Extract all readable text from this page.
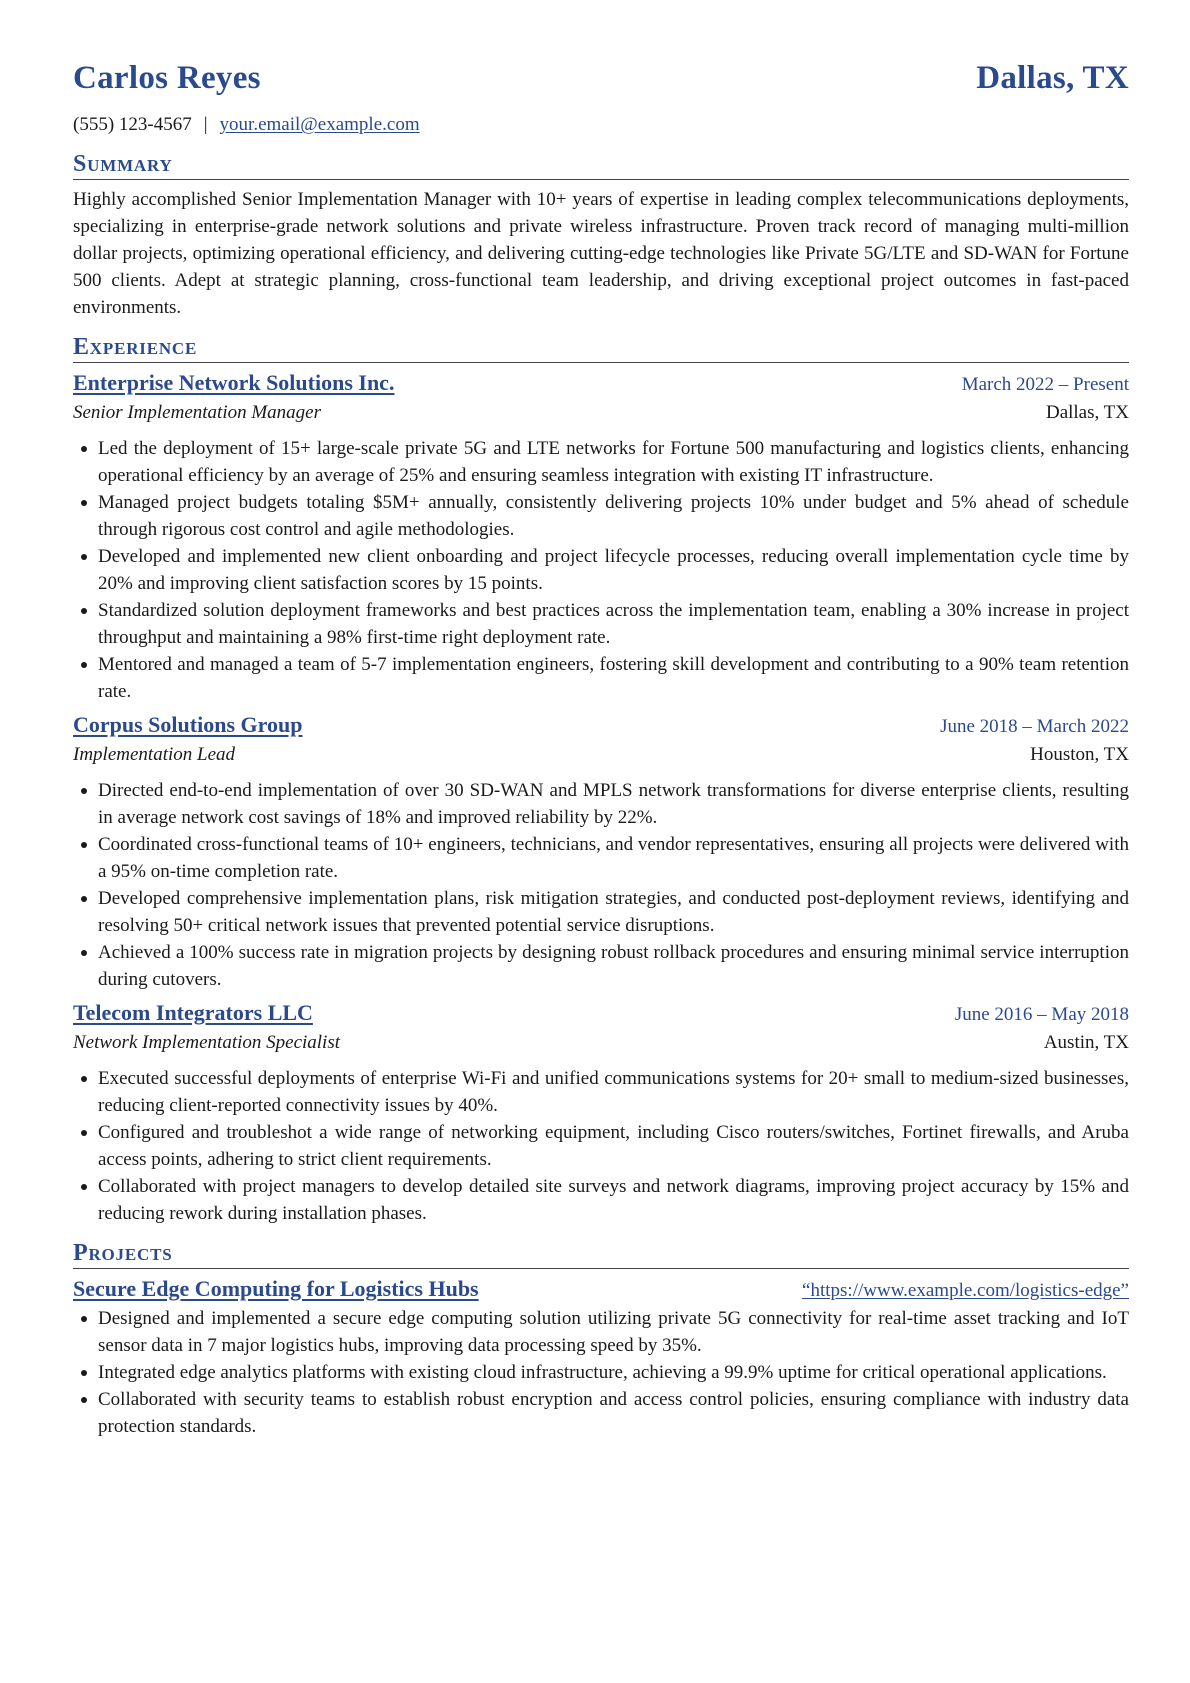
Carlos Reyes	Dallas, TX
(555) 123-4567 | your.email@example.com
Summary
Highly accomplished Senior Implementation Manager with 10+ years of expertise in leading complex telecommunications deployments, specializing in enterprise-grade network solutions and private wireless infrastructure. Proven track record of managing multi-million dollar projects, optimizing operational efficiency, and delivering cutting-edge technologies like Private 5G/LTE and SD-WAN for Fortune 500 clients. Adept at strategic planning, cross-functional team leadership, and driving exceptional project outcomes in fast-paced environments.
Experience
Enterprise Network Solutions Inc.	March 2022 – Present
Senior Implementation Manager	Dallas, TX
Led the deployment of 15+ large-scale private 5G and LTE networks for Fortune 500 manufacturing and logistics clients, enhancing operational efficiency by an average of 25% and ensuring seamless integration with existing IT infrastructure.
Managed project budgets totaling $5M+ annually, consistently delivering projects 10% under budget and 5% ahead of schedule through rigorous cost control and agile methodologies.
Developed and implemented new client onboarding and project lifecycle processes, reducing overall implementation cycle time by 20% and improving client satisfaction scores by 15 points.
Standardized solution deployment frameworks and best practices across the implementation team, enabling a 30% increase in project throughput and maintaining a 98% first-time right deployment rate.
Mentored and managed a team of 5-7 implementation engineers, fostering skill development and contributing to a 90% team retention rate.
Corpus Solutions Group	June 2018 – March 2022
Implementation Lead	Houston, TX
Directed end-to-end implementation of over 30 SD-WAN and MPLS network transformations for diverse enterprise clients, resulting in average network cost savings of 18% and improved reliability by 22%.
Coordinated cross-functional teams of 10+ engineers, technicians, and vendor representatives, ensuring all projects were delivered with a 95% on-time completion rate.
Developed comprehensive implementation plans, risk mitigation strategies, and conducted post-deployment reviews, identifying and resolving 50+ critical network issues that prevented potential service disruptions.
Achieved a 100% success rate in migration projects by designing robust rollback procedures and ensuring minimal service interruption during cutovers.
Telecom Integrators LLC	June 2016 – May 2018
Network Implementation Specialist	Austin, TX
Executed successful deployments of enterprise Wi-Fi and unified communications systems for 20+ small to medium-sized businesses, reducing client-reported connectivity issues by 40%.
Configured and troubleshot a wide range of networking equipment, including Cisco routers/switches, Fortinet firewalls, and Aruba access points, adhering to strict client requirements.
Collaborated with project managers to develop detailed site surveys and network diagrams, improving project accuracy by 15% and reducing rework during installation phases.
Projects
Secure Edge Computing for Logistics Hubs	“https://www.example.com/logistics-edge”
Designed and implemented a secure edge computing solution utilizing private 5G connectivity for real-time asset tracking and IoT sensor data in 7 major logistics hubs, improving data processing speed by 35%.
Integrated edge analytics platforms with existing cloud infrastructure, achieving a 99.9% uptime for critical operational applications.
Collaborated with security teams to establish robust encryption and access control policies, ensuring compliance with industry data protection standards.
